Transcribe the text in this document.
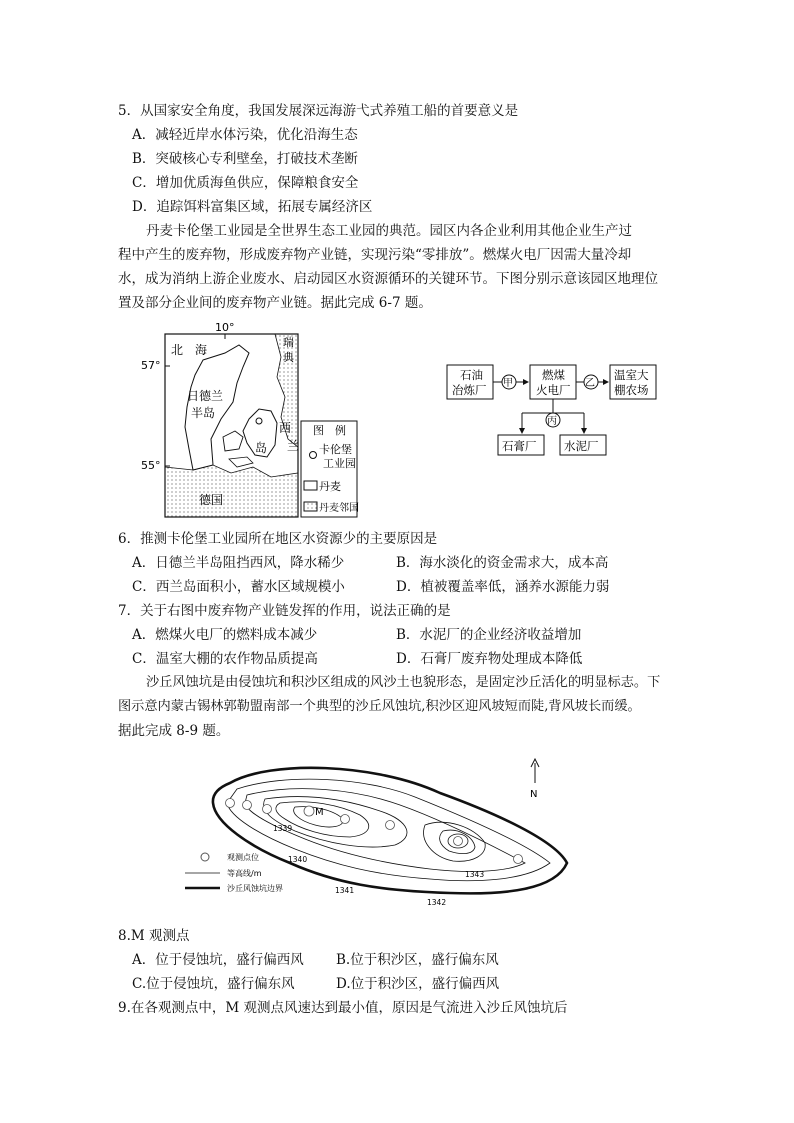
5．从国家安全角度，我国发展深远海游弋式养殖工船的首要意义是
A．减轻近岸水体污染，优化沿海生态
B．突破核心专利壁垒，打破技术垄断
C．增加优质海鱼供应，保障粮食安全
D．追踪饵料富集区域，拓展专属经济区
丹麦卡伦堡工业园是全世界生态工业园的典范。园区内各企业利用其他企业生产过
程中产生的废弃物，形成废弃物产业链，实现污染“零排放”。燃煤火电厂因需大量冷却
水，成为消纳上游企业废水、启动园区水资源循环的关键环节。下图分别示意该园区地理位
置及部分企业间的废弃物产业链。据此完成 6-7 题。
10°
57°
55°
北　海
瑞
典
日德兰
半岛
西
兰
岛
德国
图　例
卡伦堡
工业园
丹麦
丹麦邻国
石油
冶炼厂 甲
燃煤
火电厂 乙
温室大
棚农场
丙
石膏厂 水泥厂
6．推测卡伦堡工业园所在地区水资源少的主要原因是
A．日德兰半岛阻挡西风，降水稀少	B．海水淡化的资金需求大，成本高
C．西兰岛面积小，蓄水区域规模小	D．植被覆盖率低，涵养水源能力弱
7．关于右图中废弃物产业链发挥的作用，说法正确的是
A．燃煤火电厂的燃料成本减少	B．水泥厂的企业经济收益增加
C．温室大棚的农作物品质提高	D．石膏厂废弃物处理成本降低
沙丘风蚀坑是由侵蚀坑和积沙区组成的风沙土也貌形态，是固定沙丘活化的明显标志。下
图示意内蒙古锡林郭勒盟南部一个典型的沙丘风蚀坑,积沙区迎风坡短而陡,背风坡长而缓。
据此完成 8-9 题。
M
1339
1340
1341
1342
1343
N
观测点位
等高线/m
沙丘风蚀坑边界
8.M 观测点
A．位于侵蚀坑，盛行偏西风 B.位于积沙区，盛行偏东风
C.位于侵蚀坑，盛行偏东风	D.位于积沙区，盛行偏西风
9.在各观测点中，M 观测点风速达到最小值，原因是气流进入沙丘风蚀坑后
